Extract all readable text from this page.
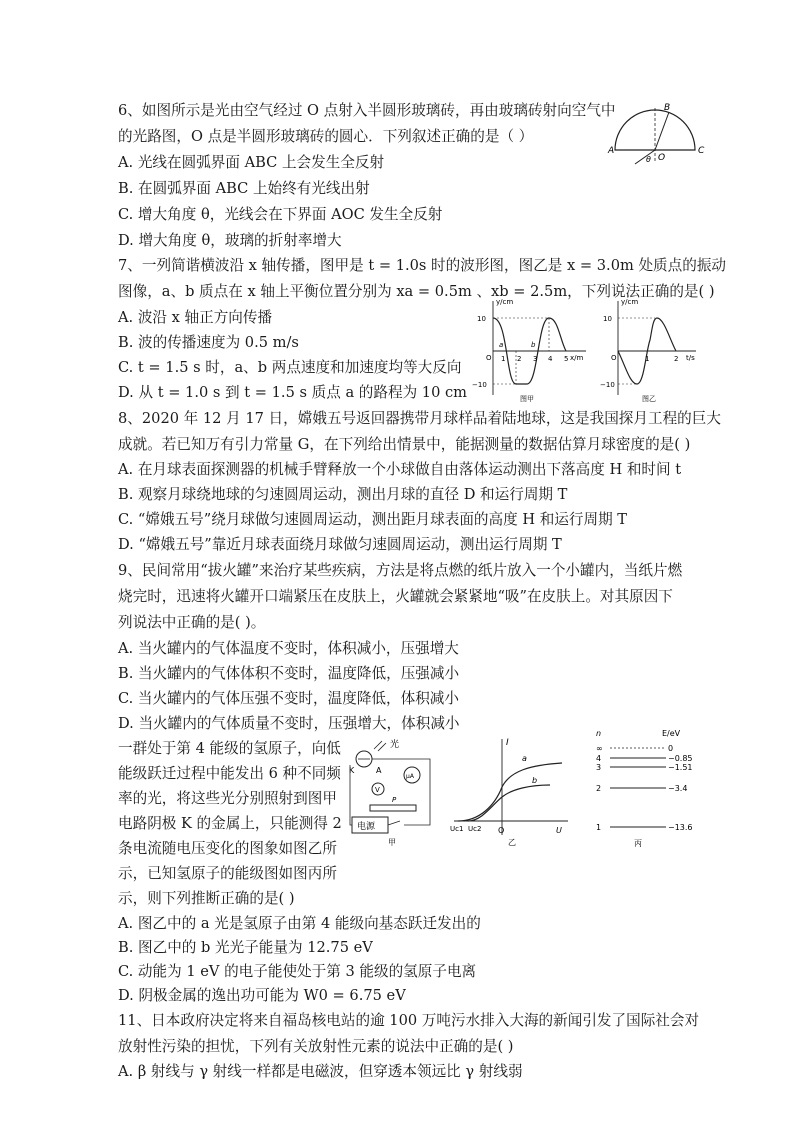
6、如图所示是光由空气经过 O 点射入半圆形玻璃砖，再由玻璃砖射向空气中
的光路图，O 点是半圆形玻璃砖的圆心．下列叙述正确的是（ ）
A. 光线在圆弧界面 ABC 上会发生全反射
B. 在圆弧界面 ABC 上始终有光线出射
C. 增大角度 θ，光线会在下界面 AOC 发生全反射
D. 增大角度 θ，玻璃的折射率增大
A
B
C
O
θ
7、一列简谐横波沿 x 轴传播，图甲是 t = 1.0s 时的波形图，图乙是 x = 3.0m 处质点的振动
图像，a、b 质点在 x 轴上平衡位置分别为 xa = 0.5m 、xb = 2.5m，下列说法正确的是( )
A. 波沿 x 轴正方向传播
B. 波的传播速度为 0.5 m/s
C. t = 1.5 s 时，a、b 两点速度和加速度均等大反向
D. 从 t = 1.0 s 到 t = 1.5 s 质点 a 的路程为 10 cm
y/cm
x/m
10
−10
O 1 2 3 4 5
a	b
图甲
y/cm
t/s
10
−10
O	1	2
图乙
8、2020 年 12 月 17 日，嫦娥五号返回器携带月球样品着陆地球，这是我国探月工程的巨大
成就。若已知万有引力常量 G，在下列给出情景中，能据测量的数据估算月球密度的是( )
A. 在月球表面探测器的机械手臂释放一个小球做自由落体运动测出下落高度 H 和时间 t
B. 观察月球绕地球的匀速圆周运动，测出月球的直径 D 和运行周期 T
C. “嫦娥五号”绕月球做匀速圆周运动，测出距月球表面的高度 H 和运行周期 T
D. “嫦娥五号”靠近月球表面绕月球做匀速圆周运动，测出运行周期 T
9、民间常用“拔火罐”来治疗某些疾病，方法是将点燃的纸片放入一个小罐内，当纸片燃
烧完时，迅速将火罐开口端紧压在皮肤上，火罐就会紧紧地“吸”在皮肤上。对其原因下
列说法中正确的是( )。
A. 当火罐内的气体温度不变时，体积减小，压强增大
B. 当火罐内的气体体积不变时，温度降低，压强减小
C. 当火罐内的气体压强不变时，温度降低，体积减小
D. 当火罐内的气体质量不变时，压强增大，体积减小
一群处于第 4 能级的氢原子，向低
能级跃迁过程中能发出 6 种不同频
率的光，将这些光分别照射到图甲
电路阴极 K 的金属上，只能测得 2
条电流随电压变化的图象如图乙所
示，已知氢原子的能级图如图丙所
示，则下列推断正确的是( )
A. 图乙中的 a 光是氢原子由第 4 能级向基态跃迁发出的
B. 图乙中的 b 光光子能量为 12.75 eV
C. 动能为 1 eV 的电子能使处于第 3 能级的氢原子电离
D. 阴极金属的逸出功可能为 W0 = 6.75 eV
光
K	A
V
μA
P
电源
甲
I
a
b
Uc1 Uc2 O	U
乙
n	E/eV
∞	0
4	−0.85
3	−1.51
2	−3.4
1	−13.6
丙
11、日本政府决定将来自福岛核电站的逾 100 万吨污水排入大海的新闻引发了国际社会对
放射性污染的担忧，下列有关放射性元素的说法中正确的是( )
A. β 射线与 γ 射线一样都是电磁波，但穿透本领远比 γ 射线弱
